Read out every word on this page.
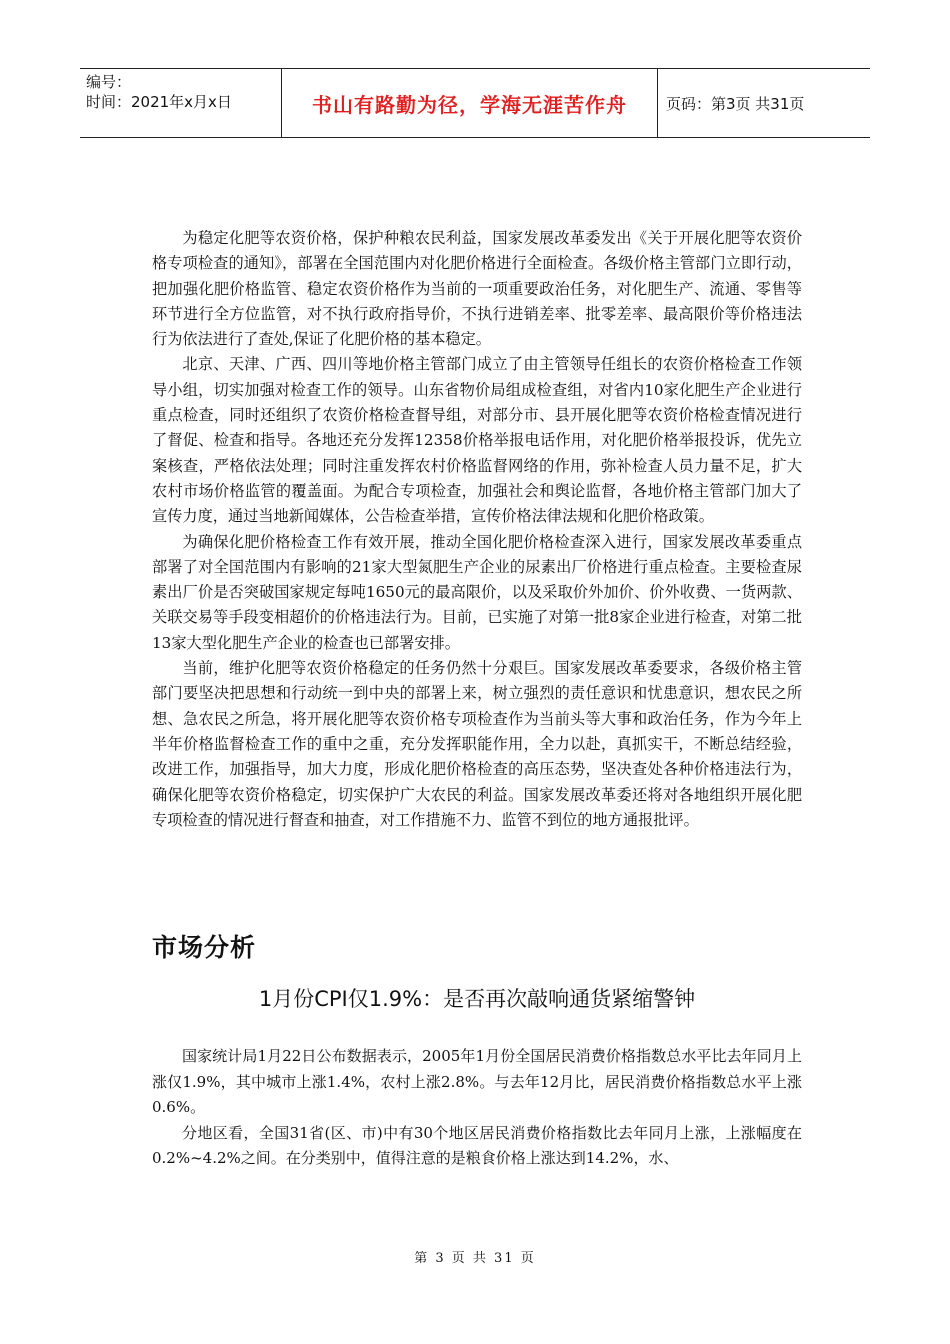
编号：
时间：2021年x月x日	书山有路勤为径，学海无涯苦作舟	页码：第3页 共31页

为稳定化肥等农资价格，保护种粮农民利益，国家发展改革委发出《关于开展化肥等农资价格专项检查的通知》，部署在全国范围内对化肥价格进行全面检查。各级价格主管部门立即行动，把加强化肥价格监管、稳定农资价格作为当前的一项重要政治任务，对化肥生产、流通、零售等环节进行全方位监管，对不执行政府指导价，不执行进销差率、批零差率、最高限价等价格违法行为依法进行了查处,保证了化肥价格的基本稳定。

北京、天津、广西、四川等地价格主管部门成立了由主管领导任组长的农资价格检查工作领导小组，切实加强对检查工作的领导。山东省物价局组成检查组，对省内10家化肥生产企业进行重点检查，同时还组织了农资价格检查督导组，对部分市、县开展化肥等农资价格检查情况进行了督促、检查和指导。各地还充分发挥12358价格举报电话作用，对化肥价格举报投诉，优先立案核查，严格依法处理；同时注重发挥农村价格监督网络的作用，弥补检查人员力量不足，扩大农村市场价格监管的覆盖面。为配合专项检查，加强社会和舆论监督，各地价格主管部门加大了宣传力度，通过当地新闻媒体，公告检查举措，宣传价格法律法规和化肥价格政策。

为确保化肥价格检查工作有效开展，推动全国化肥价格检查深入进行，国家发展改革委重点部署了对全国范围内有影响的21家大型氮肥生产企业的尿素出厂价格进行重点检查。主要检查尿素出厂价是否突破国家规定每吨1650元的最高限价，以及采取价外加价、价外收费、一货两款、关联交易等手段变相超价的价格违法行为。目前，已实施了对第一批8家企业进行检查，对第二批13家大型化肥生产企业的检查也已部署安排。

当前，维护化肥等农资价格稳定的任务仍然十分艰巨。国家发展改革委要求，各级价格主管部门要坚决把思想和行动统一到中央的部署上来，树立强烈的责任意识和忧患意识，想农民之所想、急农民之所急，将开展化肥等农资价格专项检查作为当前头等大事和政治任务，作为今年上半年价格监督检查工作的重中之重，充分发挥职能作用，全力以赴，真抓实干，不断总结经验，改进工作，加强指导，加大力度，形成化肥价格检查的高压态势，坚决查处各种价格违法行为，确保化肥等农资价格稳定，切实保护广大农民的利益。国家发展改革委还将对各地组织开展化肥专项检查的情况进行督查和抽查，对工作措施不力、监管不到位的地方通报批评。

市场分析
1月份CPI仅1.9%：是否再次敲响通货紧缩警钟

国家统计局1月22日公布数据表示，2005年1月份全国居民消费价格指数总水平比去年同月上涨仅1.9%，其中城市上涨1.4%，农村上涨2.8%。与去年12月比，居民消费价格指数总水平上涨0.6%。

分地区看，全国31省(区、市)中有30个地区居民消费价格指数比去年同月上涨，上涨幅度在0.2%~4.2%之间。在分类别中，值得注意的是粮食价格上涨达到14.2%，水、

第 3 页 共 31 页
